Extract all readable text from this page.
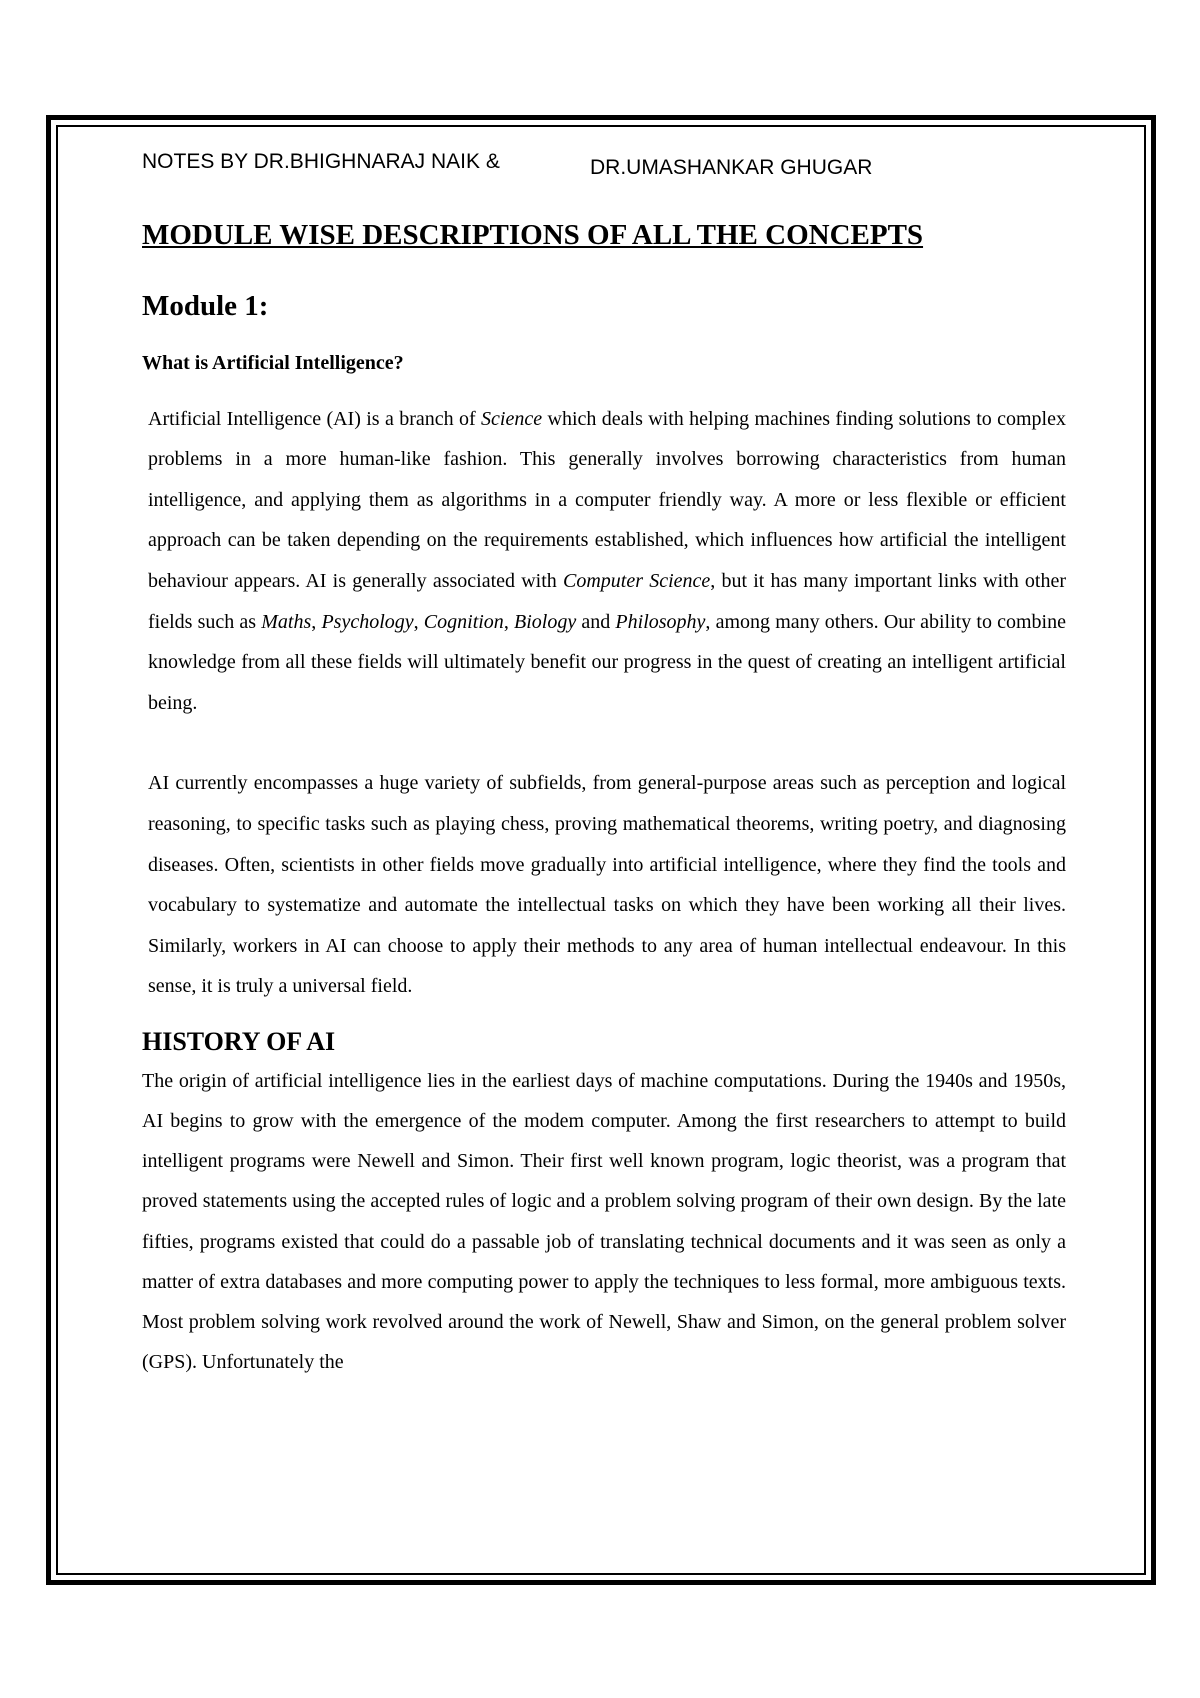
NOTES BY DR.BHIGHNARAJ NAIK &	DR.UMASHANKAR GHUGAR
MODULE WISE DESCRIPTIONS OF ALL THE CONCEPTS
Module 1:
What is Artificial Intelligence?

Artificial Intelligence (AI) is a branch of Science which deals with helping machines finding solutions to complex problems in a more human-like fashion. This generally involves borrowing characteristics from human intelligence, and applying them as algorithms in a computer friendly way. A more or less flexible or efficient approach can be taken depending on the requirements established, which influences how artificial the intelligent behaviour appears. AI is generally associated with Computer Science, but it has many important links with other fields such as Maths, Psychology, Cognition, Biology and Philosophy, among many others. Our ability to combine knowledge from all these fields will ultimately benefit our progress in the quest of creating an intelligent artificial being.

AI currently encompasses a huge variety of subfields, from general-purpose areas such as perception and logical reasoning, to specific tasks such as playing chess, proving mathematical theorems, writing poetry, and diagnosing diseases. Often, scientists in other fields move gradually into artificial intelligence, where they find the tools and vocabulary to systematize and automate the intellectual tasks on which they have been working all their lives. Similarly, workers in AI can choose to apply their methods to any area of human intellectual endeavour. In this sense, it is truly a universal field.

HISTORY OF AI

The origin of artificial intelligence lies in the earliest days of machine computations. During the 1940s and 1950s, AI begins to grow with the emergence of the modem computer. Among the first researchers to attempt to build intelligent programs were Newell and Simon. Their first well known program, logic theorist, was a program that proved statements using the accepted rules of logic and a problem solving program of their own design. By the late fifties, programs existed that could do a passable job of translating technical documents and it was seen as only a matter of extra databases and more computing power to apply the techniques to less formal, more ambiguous texts. Most problem solving work revolved around the work of Newell, Shaw and Simon, on the general problem solver (GPS). Unfortunately the
